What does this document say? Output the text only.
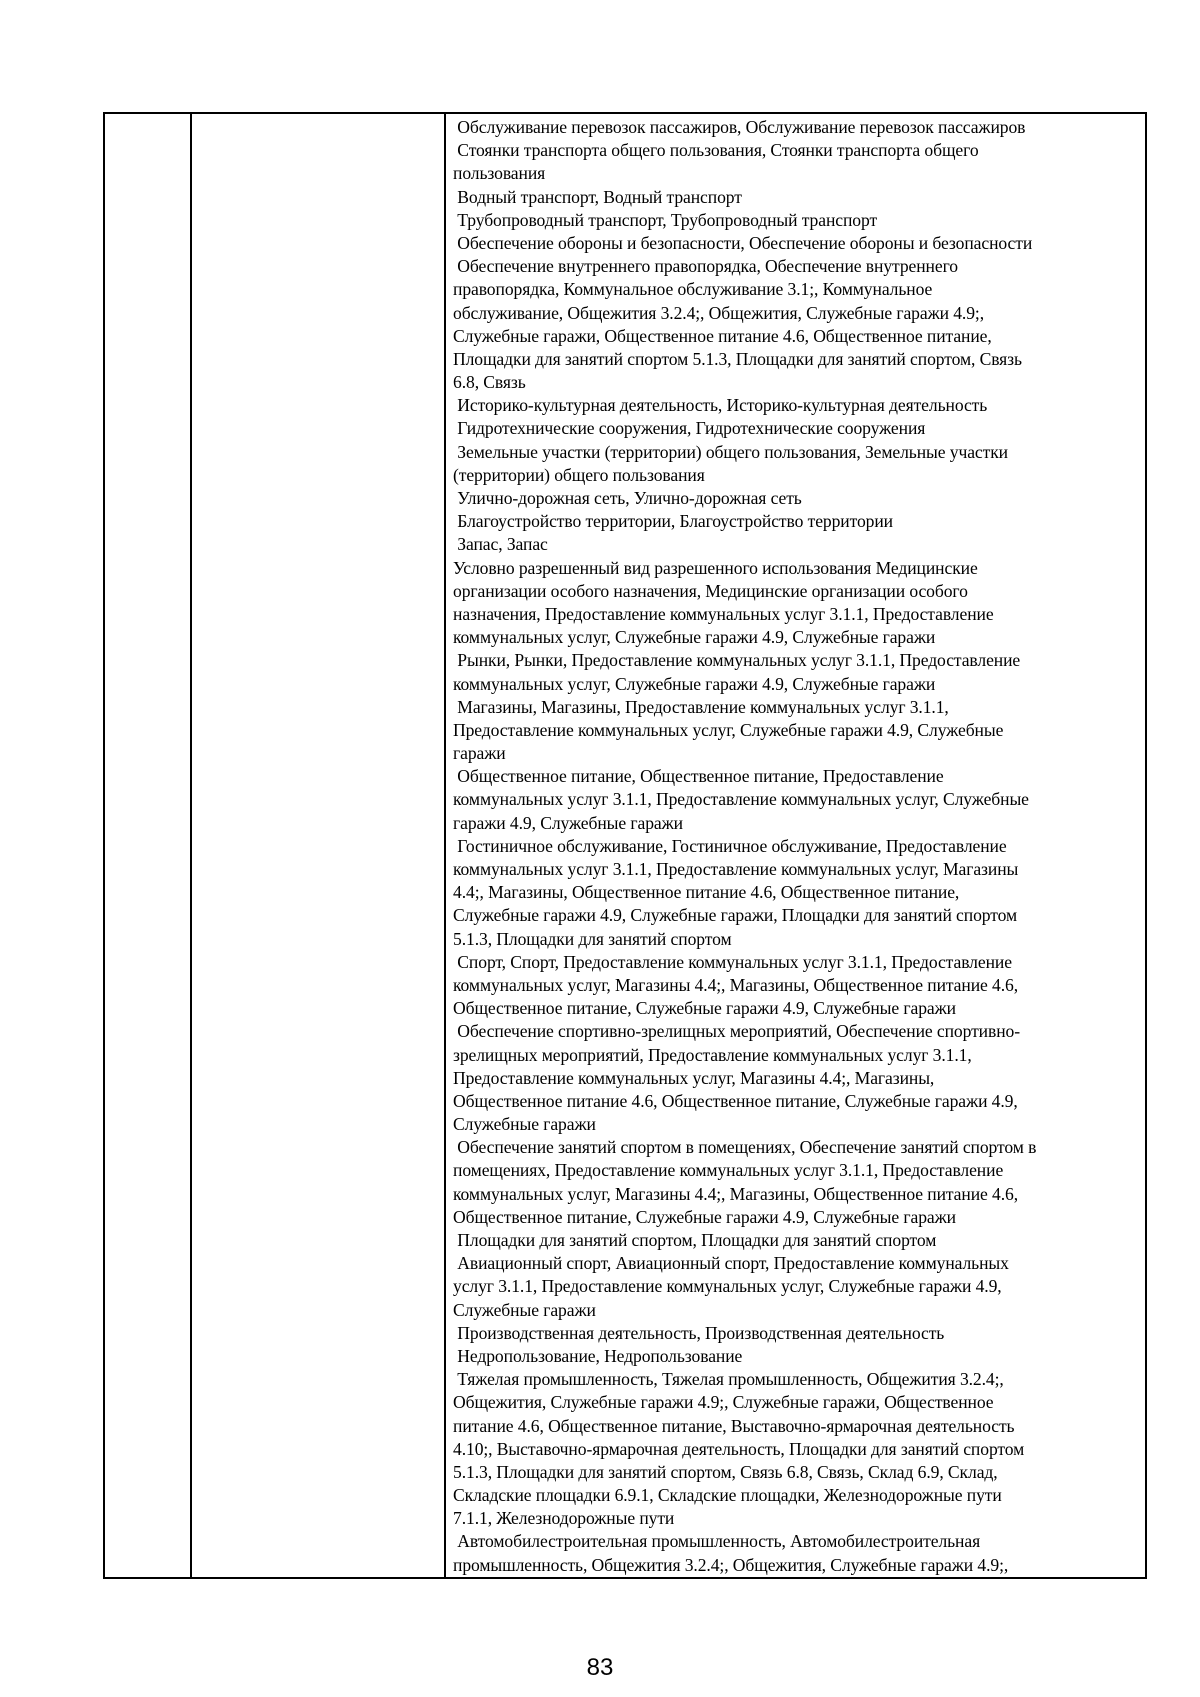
Обслуживание перевозок пассажиров, Обслуживание перевозок пассажиров
Стоянки транспорта общего пользования, Стоянки транспорта общего
пользования
Водный транспорт, Водный транспорт
Трубопроводный транспорт, Трубопроводный транспорт
Обеспечение обороны и безопасности, Обеспечение обороны и безопасности
Обеспечение внутреннего правопорядка, Обеспечение внутреннего
правопорядка, Коммунальное обслуживание 3.1;, Коммунальное
обслуживание, Общежития 3.2.4;, Общежития, Служебные гаражи 4.9;,
Служебные гаражи, Общественное питание 4.6, Общественное питание,
Площадки для занятий спортом 5.1.3, Площадки для занятий спортом, Связь
6.8, Связь
Историко-культурная деятельность, Историко-культурная деятельность
Гидротехнические сооружения, Гидротехнические сооружения
Земельные участки (территории) общего пользования, Земельные участки
(территории) общего пользования
Улично-дорожная сеть, Улично-дорожная сеть
Благоустройство территории, Благоустройство территории
Запас, Запас
Условно разрешенный вид разрешенного использования Медицинские
организации особого назначения, Медицинские организации особого
назначения, Предоставление коммунальных услуг 3.1.1, Предоставление
коммунальных услуг, Служебные гаражи 4.9, Служебные гаражи
Рынки, Рынки, Предоставление коммунальных услуг 3.1.1, Предоставление
коммунальных услуг, Служебные гаражи 4.9, Служебные гаражи
Магазины, Магазины, Предоставление коммунальных услуг 3.1.1,
Предоставление коммунальных услуг, Служебные гаражи 4.9, Служебные
гаражи
Общественное питание, Общественное питание, Предоставление
коммунальных услуг 3.1.1, Предоставление коммунальных услуг, Служебные
гаражи 4.9, Служебные гаражи
Гостиничное обслуживание, Гостиничное обслуживание, Предоставление
коммунальных услуг 3.1.1, Предоставление коммунальных услуг, Магазины
4.4;, Магазины, Общественное питание 4.6, Общественное питание,
Служебные гаражи 4.9, Служебные гаражи, Площадки для занятий спортом
5.1.3, Площадки для занятий спортом
Спорт, Спорт, Предоставление коммунальных услуг 3.1.1, Предоставление
коммунальных услуг, Магазины 4.4;, Магазины, Общественное питание 4.6,
Общественное питание, Служебные гаражи 4.9, Служебные гаражи
Обеспечение спортивно-зрелищных мероприятий, Обеспечение спортивно-
зрелищных мероприятий, Предоставление коммунальных услуг 3.1.1,
Предоставление коммунальных услуг, Магазины 4.4;, Магазины,
Общественное питание 4.6, Общественное питание, Служебные гаражи 4.9,
Служебные гаражи
Обеспечение занятий спортом в помещениях, Обеспечение занятий спортом в
помещениях, Предоставление коммунальных услуг 3.1.1, Предоставление
коммунальных услуг, Магазины 4.4;, Магазины, Общественное питание 4.6,
Общественное питание, Служебные гаражи 4.9, Служебные гаражи
Площадки для занятий спортом, Площадки для занятий спортом
Авиационный спорт, Авиационный спорт, Предоставление коммунальных
услуг 3.1.1, Предоставление коммунальных услуг, Служебные гаражи 4.9,
Служебные гаражи
Производственная деятельность, Производственная деятельность
Недропользование, Недропользование
Тяжелая промышленность, Тяжелая промышленность, Общежития 3.2.4;,
Общежития, Служебные гаражи 4.9;, Служебные гаражи, Общественное
питание 4.6, Общественное питание, Выставочно-ярмарочная деятельность
4.10;, Выставочно-ярмарочная деятельность, Площадки для занятий спортом
5.1.3, Площадки для занятий спортом, Связь 6.8, Связь, Склад 6.9, Склад,
Складские площадки 6.9.1, Складские площадки, Железнодорожные пути
7.1.1, Железнодорожные пути
Автомобилестроительная промышленность, Автомобилестроительная
промышленность, Общежития 3.2.4;, Общежития, Служебные гаражи 4.9;,
83
